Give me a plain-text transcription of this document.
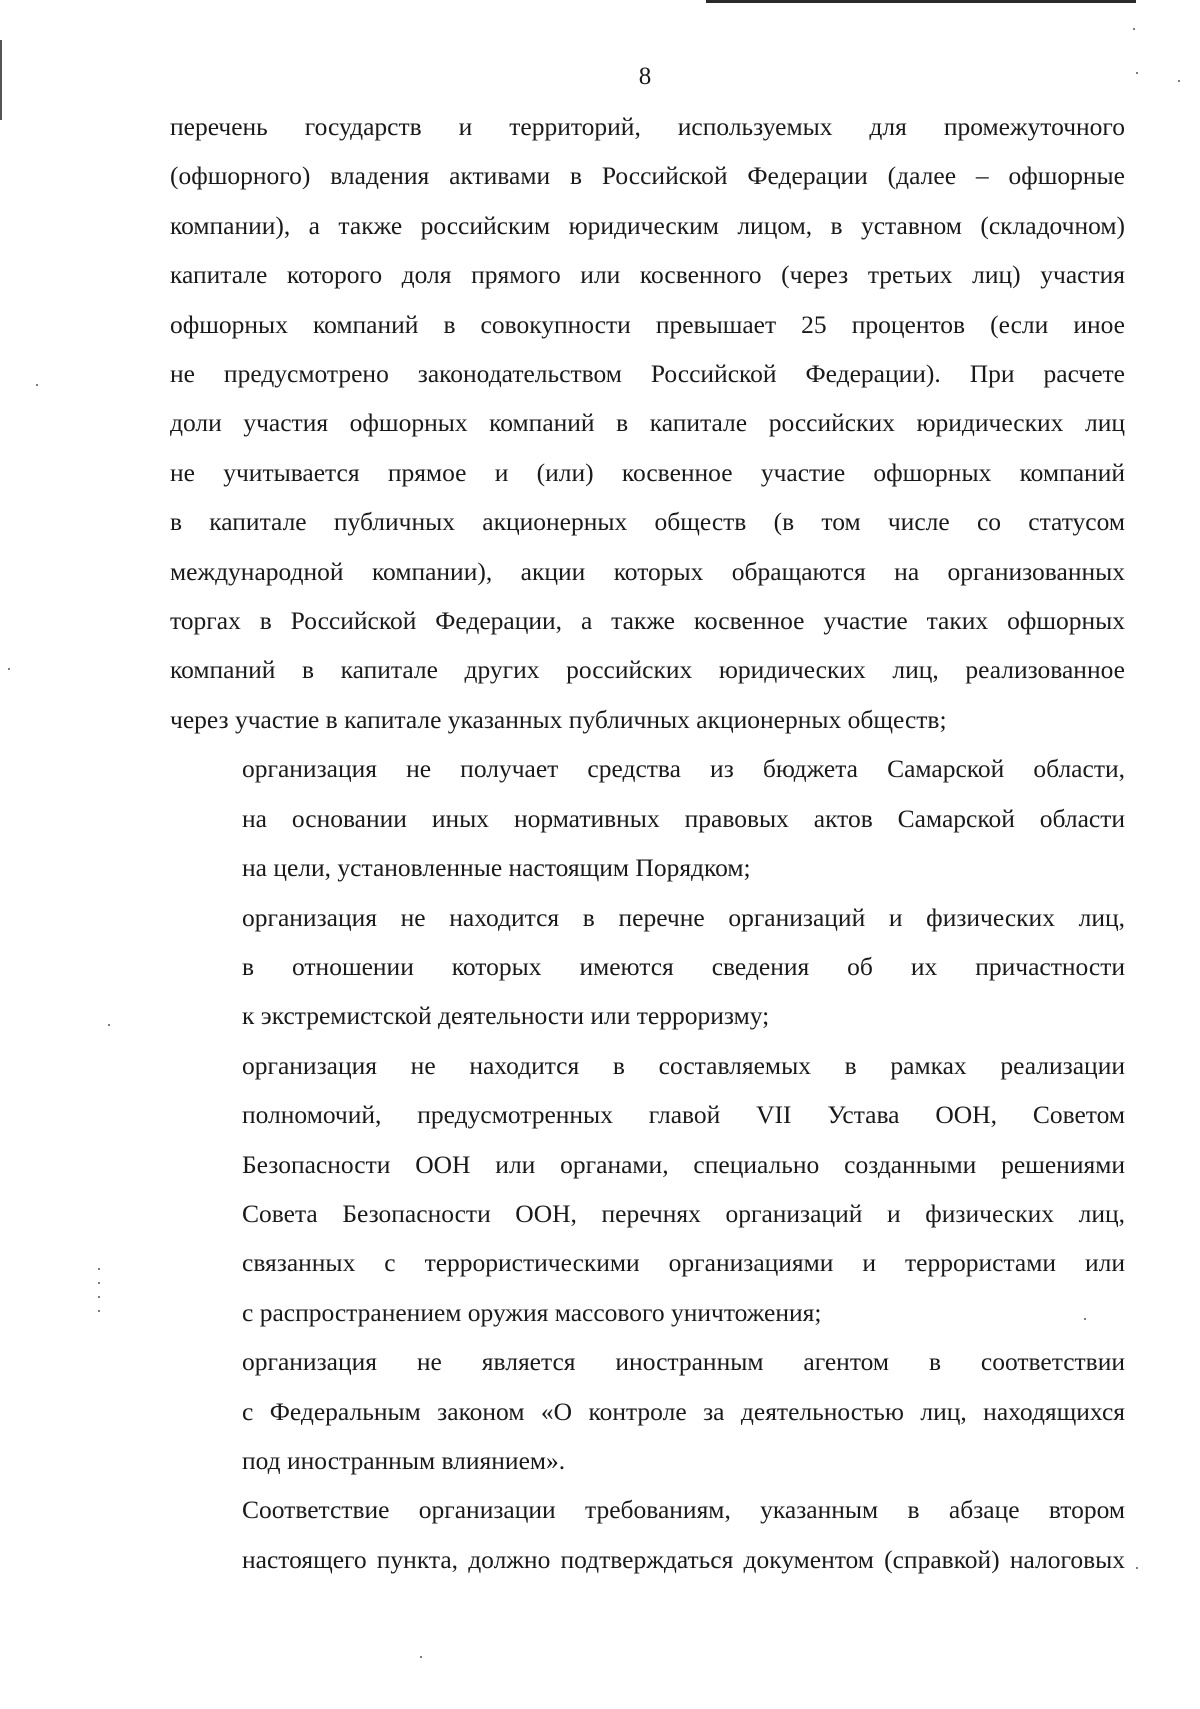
8

перечень государств и территорий, используемых для промежуточного
(офшорного) владения активами в Российской Федерации (далее – офшорные
компании), а также российским юридическим лицом, в уставном (складочном)
капитале которого доля прямого или косвенного (через третьих лиц) участия
офшорных компаний в совокупности превышает 25 процентов (если иное
не предусмотрено законодательством Российской Федерации). При расчете
доли участия офшорных компаний в капитале российских юридических лиц
не учитывается прямое и (или) косвенное участие офшорных компаний
в капитале публичных акционерных обществ (в том числе со статусом
международной компании), акции которых обращаются на организованных
торгах в Российской Федерации, а также косвенное участие таких офшорных
компаний в капитале других российских юридических лиц, реализованное
через участие в капитале указанных публичных акционерных обществ;

организация не получает средства из бюджета Самарской области,
на основании иных нормативных правовых актов Самарской области
на цели, установленные настоящим Порядком;

организация не находится в перечне организаций и физических лиц,
в отношении которых имеются сведения об их причастности
к экстремистской деятельности или терроризму;

организация не находится в составляемых в рамках реализации
полномочий, предусмотренных главой VII Устава ООН, Советом
Безопасности ООН или органами, специально созданными решениями
Совета Безопасности ООН, перечнях организаций и физических лиц,
связанных с террористическими организациями и террористами или
с распространением оружия массового уничтожения;

организация не является иностранным агентом в соответствии
с Федеральным законом «О контроле за деятельностью лиц, находящихся
под иностранным влиянием».

Соответствие организации требованиям, указанным в абзаце втором
настоящего пункта, должно подтверждаться документом (справкой) налоговых
